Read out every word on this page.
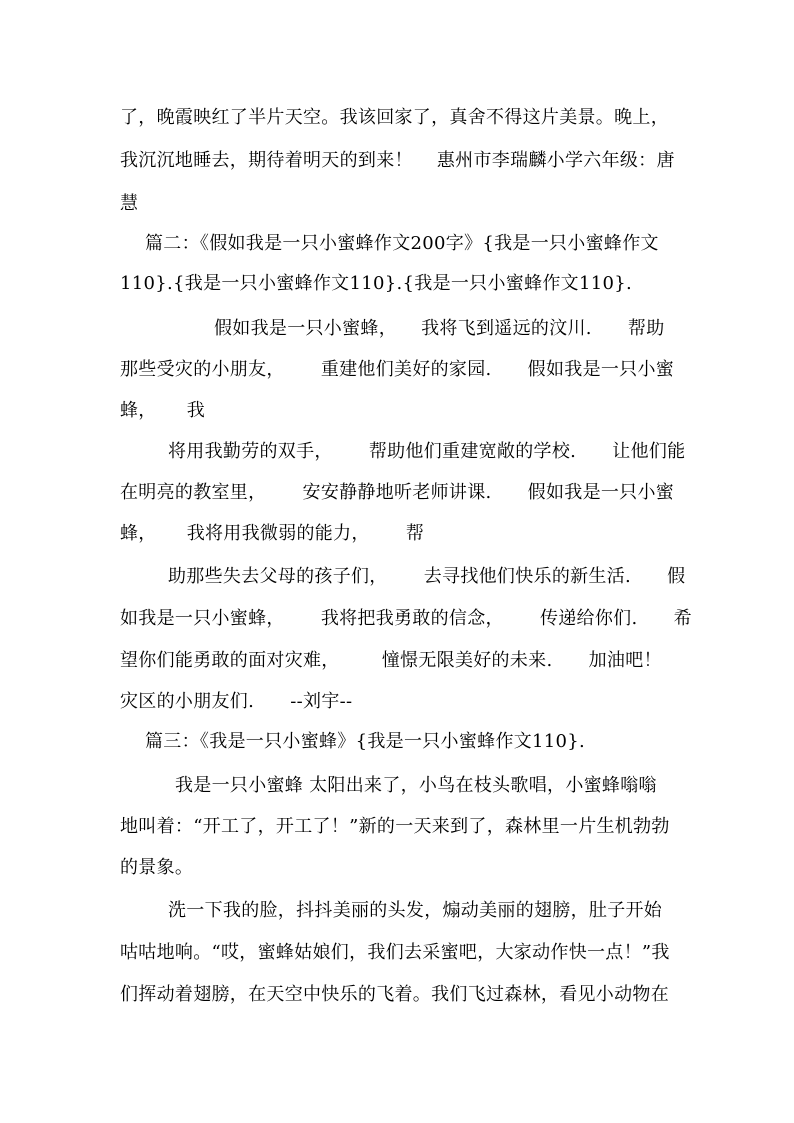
了，晚霞映红了半片天空。我该回家了，真舍不得这片美景。晚上，
我沉沉地睡去，期待着明天的到来！    惠州市李瑞麟小学六年级：唐
慧
篇二：《假如我是一只小蜜蜂作文200字》{我是一只小蜜蜂作文
110}.{我是一只小蜜蜂作文110}.{我是一只小蜜蜂作文110}.
假如我是一只小蜜蜂，    我将飞到遥远的汶川.      帮助
那些受灾的小朋友，      重建他们美好的家园.      假如我是一只小蜜
蜂，     我
将用我勤劳的双手，      帮助他们重建宽敞的学校.      让他们能
在明亮的教室里，      安安静静地听老师讲课.      假如我是一只小蜜
蜂，     我将用我微弱的能力，      帮
助那些失去父母的孩子们，      去寻找他们快乐的新生活.      假
如我是一只小蜜蜂，      我将把我勇敢的信念，      传递给你们.      希
望你们能勇敢的面对灾难，       憧憬无限美好的未来.      加油吧！
灾区的小朋友们.      --刘宇--
篇三：《我是一只小蜜蜂》{我是一只小蜜蜂作文110}.
我是一只小蜜蜂 太阳出来了，小鸟在枝头歌唱，小蜜蜂嗡嗡
地叫着：“开工了，开工了！”新的一天来到了，森林里一片生机勃勃
的景象。
洗一下我的脸，抖抖美丽的头发，煽动美丽的翅膀，肚子开始
咕咕地响。“哎，蜜蜂姑娘们，我们去采蜜吧，大家动作快一点！”我
们挥动着翅膀，在天空中快乐的飞着。我们飞过森林，看见小动物在
